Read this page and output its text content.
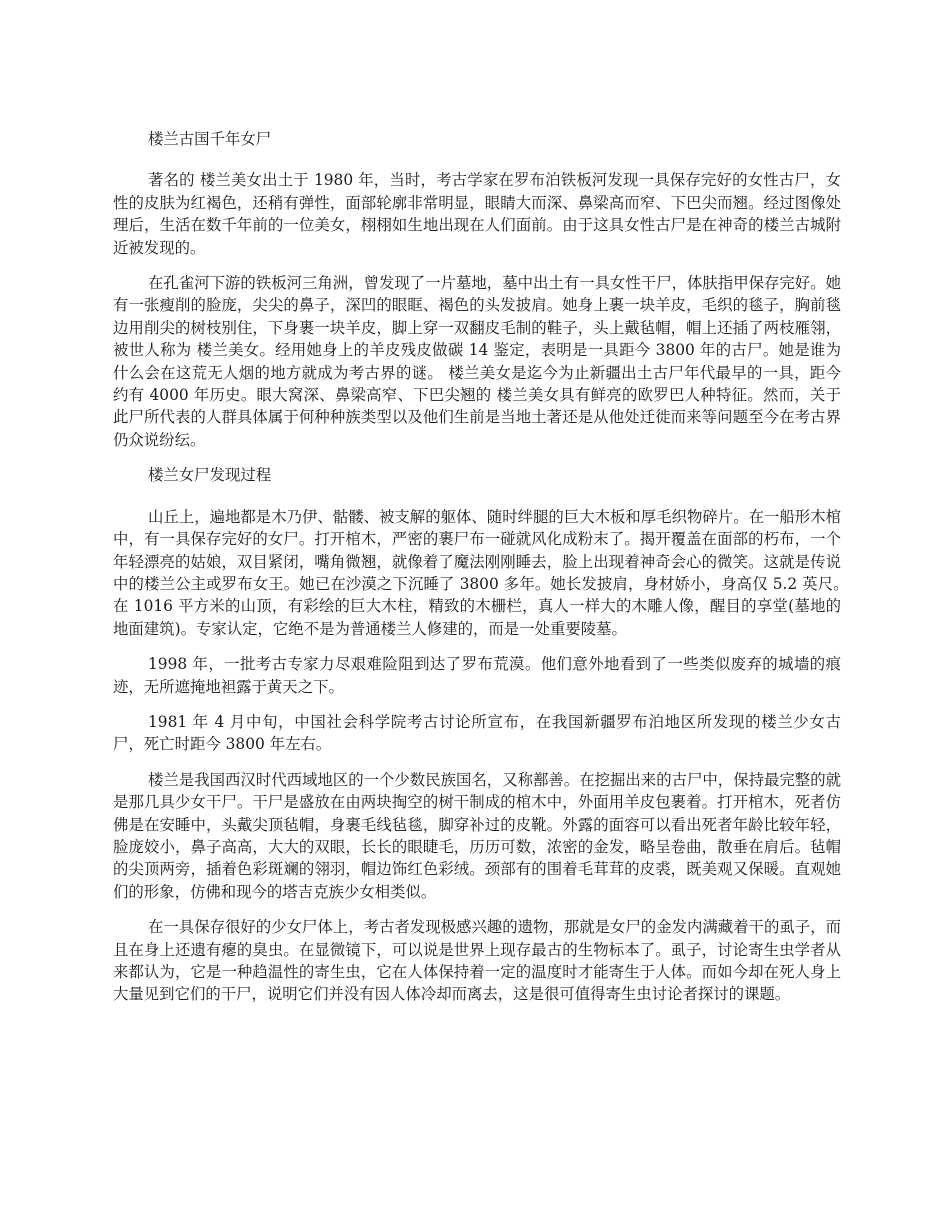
楼兰古国千年女尸

著名的 楼兰美女出土于 1980 年，当时，考古学家在罗布泊铁板河发现一具保存完好的女性古尸，女性的皮肤为红褐色，还稍有弹性，面部轮廓非常明显，眼睛大而深、鼻梁高而窄、下巴尖而翘。经过图像处理后，生活在数千年前的一位美女，栩栩如生地出现在人们面前。由于这具女性古尸是在神奇的楼兰古城附近被发现的。

在孔雀河下游的铁板河三角洲，曾发现了一片墓地，墓中出土有一具女性干尸，体肤指甲保存完好。她有一张瘦削的脸庞，尖尖的鼻子，深凹的眼眶、褐色的头发披肩。她身上裹一块羊皮，毛织的毯子，胸前毯边用削尖的树枝别住，下身裹一块羊皮，脚上穿一双翻皮毛制的鞋子，头上戴毡帽，帽上还插了两枝雁翎，被世人称为 楼兰美女。经用她身上的羊皮残皮做碳 14 鉴定，表明是一具距今 3800 年的古尸。她是谁为什么会在这荒无人烟的地方就成为考古界的谜。 楼兰美女是迄今为止新疆出土古尸年代最早的一具，距今约有 4000 年历史。眼大窝深、鼻梁高窄、下巴尖翘的 楼兰美女具有鲜亮的欧罗巴人种特征。然而，关于此尸所代表的人群具体属于何种种族类型以及他们生前是当地土著还是从他处迁徙而来等问题至今在考古界仍众说纷纭。

楼兰女尸发现过程

山丘上，遍地都是木乃伊、骷髅、被支解的躯体、随时绊腿的巨大木板和厚毛织物碎片。在一船形木棺中，有一具保存完好的女尸。打开棺木，严密的裹尸布一碰就风化成粉末了。揭开覆盖在面部的朽布，一个年轻漂亮的姑娘，双目紧闭，嘴角微翘，就像着了魔法刚刚睡去，脸上出现着神奇会心的微笑。这就是传说中的楼兰公主或罗布女王。她已在沙漠之下沉睡了 3800 多年。她长发披肩，身材娇小，身高仅 5.2 英尺。　 在 1016 平方米的山顶，有彩绘的巨大木柱，精致的木栅栏，真人一样大的木雕人像，醒目的享堂(墓地的地面建筑)。专家认定，它绝不是为普通楼兰人修建的，而是一处重要陵墓。

1998 年，一批考古专家力尽艰难险阻到达了罗布荒漠。他们意外地看到了一些类似废弃的城墙的痕迹，无所遮掩地袒露于黄天之下。

1981 年 4 月中旬，中国社会科学院考古讨论所宣布，在我国新疆罗布泊地区所发现的楼兰少女古尸，死亡时距今 3800 年左右。

楼兰是我国西汉时代西域地区的一个少数民族国名，又称鄯善。在挖掘出来的古尸中，保持最完整的就是那几具少女干尸。干尸是盛放在由两块掏空的树干制成的棺木中，外面用羊皮包裹着。打开棺木，死者仿佛是在安睡中，头戴尖顶毡帽，身裹毛线毡毯，脚穿补过的皮靴。外露的面容可以看出死者年龄比较年轻，脸庞姣小，鼻子高高，大大的双眼，长长的眼睫毛，历历可数，浓密的金发，略呈卷曲，散垂在肩后。毡帽的尖顶两旁，插着色彩斑斓的翎羽，帽边饰红色彩绒。颈部有的围着毛茸茸的皮裘，既美观又保暖。直观她们的形象，仿佛和现今的塔吉克族少女相类似。

在一具保存很好的少女尸体上，考古者发现极感兴趣的遗物，那就是女尸的金发内满藏着干的虱子，而且在身上还遗有瘪的臭虫。在显微镜下，可以说是世界上现存最古的生物标本了。虱子，讨论寄生虫学者从来都认为，它是一种趋温性的寄生虫，它在人体保持着一定的温度时才能寄生于人体。而如今却在死人身上大量见到它们的干尸，说明它们并没有因人体冷却而离去，这是很可值得寄生虫讨论者探讨的课题。
